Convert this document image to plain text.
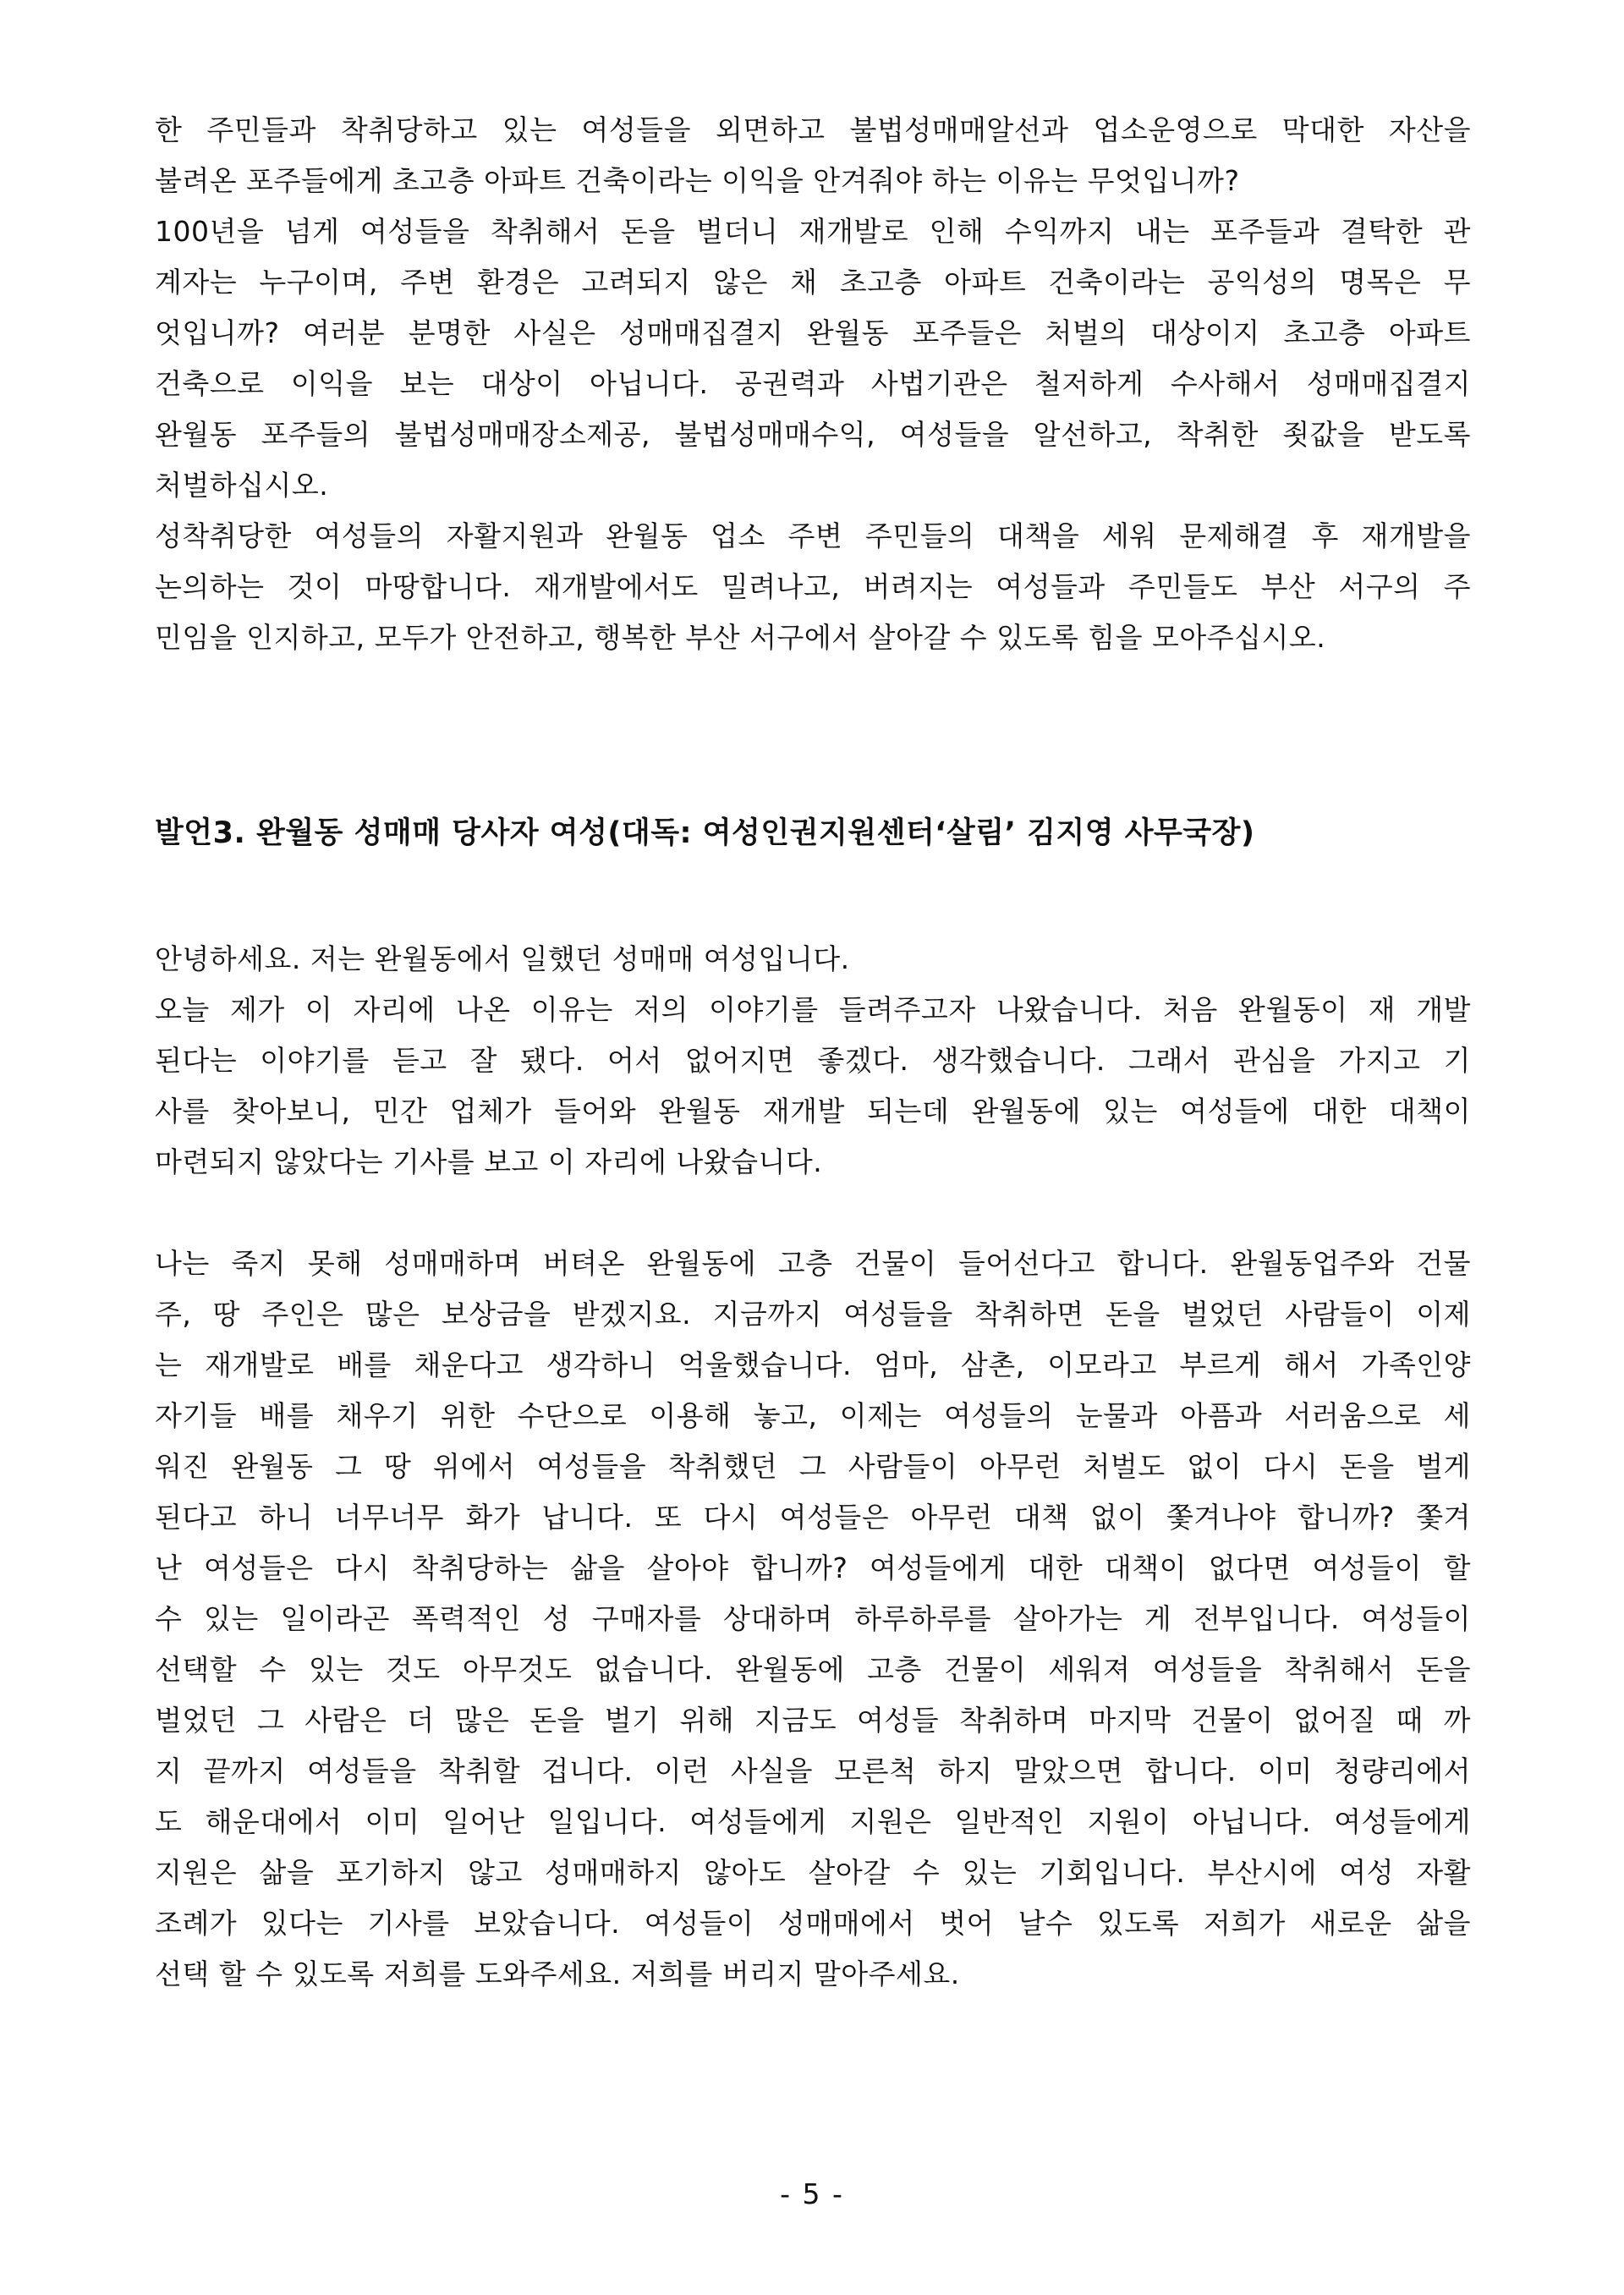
한 주민들과 착취당하고 있는 여성들을 외면하고 불법성매매알선과 업소운영으로 막대한 자산을
불려온 포주들에게 초고층 아파트 건축이라는 이익을 안겨줘야 하는 이유는 무엇입니까?
100년을 넘게 여성들을 착취해서 돈을 벌더니 재개발로 인해 수익까지 내는 포주들과 결탁한 관
계자는 누구이며, 주변 환경은 고려되지 않은 채 초고층 아파트 건축이라는 공익성의 명목은 무
엇입니까? 여러분 분명한 사실은 성매매집결지 완월동 포주들은 처벌의 대상이지 초고층 아파트
건축으로 이익을 보는 대상이 아닙니다. 공권력과 사법기관은 철저하게 수사해서 성매매집결지
완월동 포주들의 불법성매매장소제공, 불법성매매수익, 여성들을 알선하고, 착취한 죗값을 받도록
처벌하십시오.
성착취당한 여성들의 자활지원과 완월동 업소 주변 주민들의 대책을 세워 문제해결 후 재개발을
논의하는 것이 마땅합니다. 재개발에서도 밀려나고, 버려지는 여성들과 주민들도 부산 서구의 주
민임을 인지하고, 모두가 안전하고, 행복한 부산 서구에서 살아갈 수 있도록 힘을 모아주십시오.
발언3. 완월동 성매매 당사자 여성(대독: 여성인권지원센터‘살림’ 김지영 사무국장)
안녕하세요. 저는 완월동에서 일했던 성매매 여성입니다.
오늘 제가 이 자리에 나온 이유는 저의 이야기를 들려주고자 나왔습니다. 처음 완월동이 재 개발
된다는 이야기를 듣고 잘 됐다. 어서 없어지면 좋겠다. 생각했습니다. 그래서 관심을 가지고 기
사를 찾아보니, 민간 업체가 들어와 완월동 재개발 되는데 완월동에 있는 여성들에 대한 대책이
마련되지 않았다는 기사를 보고 이 자리에 나왔습니다.
나는 죽지 못해 성매매하며 버텨온 완월동에 고층 건물이 들어선다고 합니다. 완월동업주와 건물
주, 땅 주인은 많은 보상금을 받겠지요. 지금까지 여성들을 착취하면 돈을 벌었던 사람들이 이제
는 재개발로 배를 채운다고 생각하니 억울했습니다. 엄마, 삼촌, 이모라고 부르게 해서 가족인양
자기들 배를 채우기 위한 수단으로 이용해 놓고, 이제는 여성들의 눈물과 아픔과 서러움으로 세
워진 완월동 그 땅 위에서 여성들을 착취했던 그 사람들이 아무런 처벌도 없이 다시 돈을 벌게
된다고 하니 너무너무 화가 납니다. 또 다시 여성들은 아무런 대책 없이 쫓겨나야 합니까? 쫓겨
난 여성들은 다시 착취당하는 삶을 살아야 합니까? 여성들에게 대한 대책이 없다면 여성들이 할
수 있는 일이라곤 폭력적인 성 구매자를 상대하며 하루하루를 살아가는 게 전부입니다. 여성들이
선택할 수 있는 것도 아무것도 없습니다. 완월동에 고층 건물이 세워져 여성들을 착취해서 돈을
벌었던 그 사람은 더 많은 돈을 벌기 위해 지금도 여성들 착취하며 마지막 건물이 없어질 때 까
지 끝까지 여성들을 착취할 겁니다. 이런 사실을 모른척 하지 말았으면 합니다. 이미 청량리에서
도 해운대에서 이미 일어난 일입니다. 여성들에게 지원은 일반적인 지원이 아닙니다. 여성들에게
지원은 삶을 포기하지 않고 성매매하지 않아도 살아갈 수 있는 기회입니다. 부산시에 여성 자활
조례가 있다는 기사를 보았습니다. 여성들이 성매매에서 벗어 날수 있도록 저희가 새로운 삶을
선택 할 수 있도록 저희를 도와주세요. 저희를 버리지 말아주세요.
- 5 -
